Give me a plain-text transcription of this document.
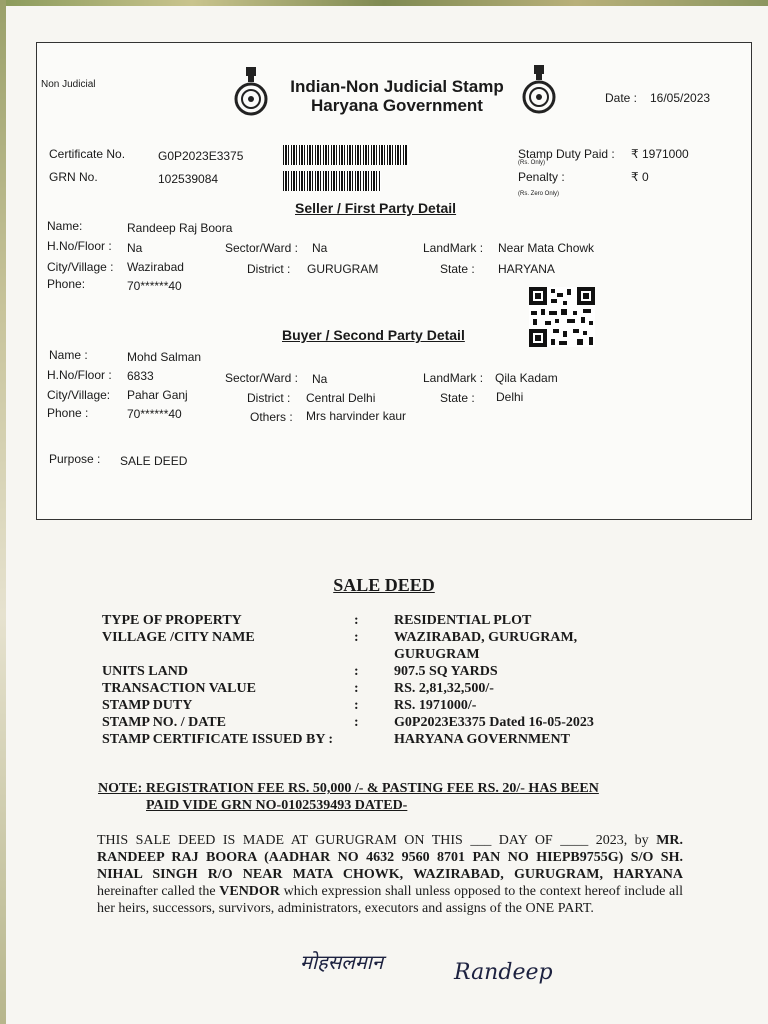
Non Judicial	Indian-Non Judicial Stamp
Haryana Government	Date : 16/05/2023
Certificate No.	G0P2023E3375
GRN No.	102539084
Stamp Duty Paid :
(Rs. Only)
₹ 1971000
Penalty :	₹ 0
(Rs. Zero Only)
Seller / First Party Detail
Name:	Randeep Raj Boora
H.No/Floor : Na	Sector/Ward : Na	LandMark : Near Mata Chowk
City/Village : Wazirabad	District : GURUGRAM	State : HARYANA
Phone:	70******40
Buyer / Second Party Detail
Name :	Mohd Salman
H.No/Floor : 6833	Sector/Ward : Na	LandMark : Qila Kadam
City/Village: Pahar Ganj	District : Central Delhi	State : Delhi
Phone :	70******40	Others : Mrs harvinder kaur
Purpose : SALE DEED
SALE DEED
TYPE OF PROPERTY	:	RESIDENTIAL PLOT
VILLAGE /CITY NAME	:	WAZIRABAD, GURUGRAM, GURUGRAM
UNITS LAND	:	907.5 SQ YARDS
TRANSACTION VALUE	:	RS. 2,81,32,500/-
STAMP DUTY	:	RS. 1971000/-
STAMP NO. / DATE	:	G0P2023E3375 Dated 16-05-2023
STAMP CERTIFICATE ISSUED BY :	HARYANA GOVERNMENT
NOTE: REGISTRATION FEE RS. 50,000 /- & PASTING FEE RS. 20/- HAS BEEN
PAID VIDE GRN NO-0102539493 DATED-
THIS SALE DEED IS MADE AT GURUGRAM ON THIS ___ DAY OF ____ 2023, by MR. RANDEEP RAJ BOORA (AADHAR NO 4632 9560 8701 PAN NO HIEPB9755G) S/O SH. NIHAL SINGH R/O NEAR MATA CHOWK, WAZIRABAD, GURUGRAM, HARYANA hereinafter called the VENDOR which expression shall unless opposed to the context hereof include all her heirs, successors, survivors, administrators, executors and assigns of the ONE PART.
मोहसलमान	Randeep
